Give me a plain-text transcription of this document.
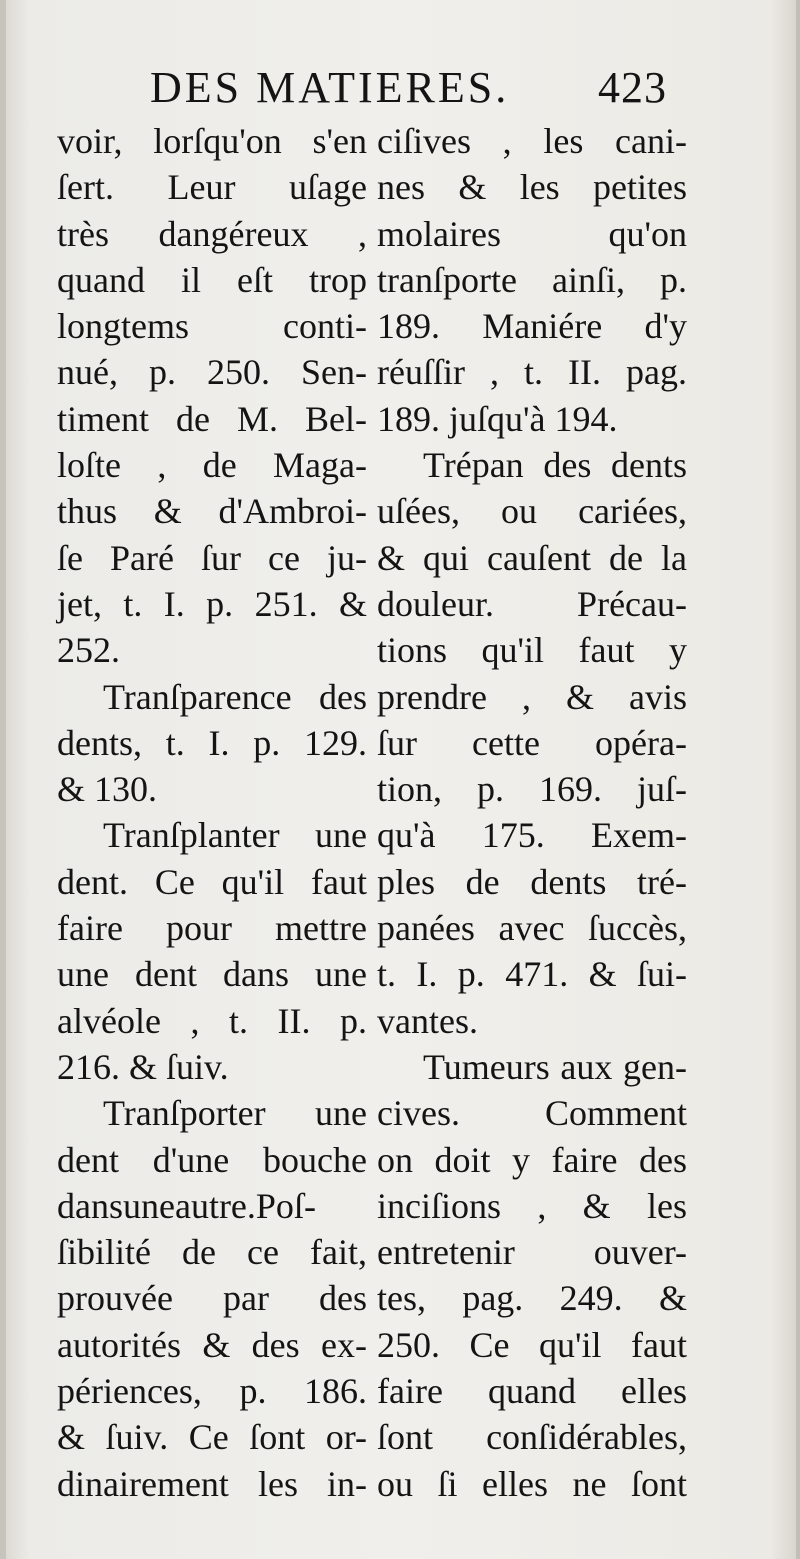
DES MATIERES. 423
voir, lorſqu'on s'en
ſert. Leur uſage
très dangéreux ,
quand il eſt trop
longtems conti-
nué, p. 250. Sen-
timent de M. Bel-
loſte , de Maga-
thus & d'Ambroi-
ſe Paré ſur ce ju-
jet, t. I. p. 251. &
252.
Tranſparence des
dents, t. I. p. 129.
& 130.
Tranſplanter une
dent. Ce qu'il faut
faire pour mettre
une dent dans une
alvéole , t. II. p.
216. & ſuiv.
Tranſporter une
dent d'une bouche
dansuneautre.Poſ-
ſibilité de ce fait,
prouvée par des
autorités & des ex-
périences, p. 186.
& ſuiv. Ce ſont or-
dinairement les in-
ciſives , les cani-
nes & les petites
molaires qu'on
tranſporte ainſi, p.
189. Maniére d'y
réuſſir , t. II. pag.
189. juſqu'à 194.
Trépan des dents
uſées, ou cariées,
& qui cauſent de la
douleur. Précau-
tions qu'il faut y
prendre , & avis
ſur cette opéra-
tion, p. 169. juſ-
qu'à 175. Exem-
ples de dents tré-
panées avec ſuccès,
t. I. p. 471. & ſui-
vantes.
Tumeurs aux gen-
cives. Comment
on doit y faire des
inciſions , & les
entretenir ouver-
tes, pag. 249. &
250. Ce qu'il faut
faire quand elles
ſont conſidérables,
ou ſi elles ne ſont
